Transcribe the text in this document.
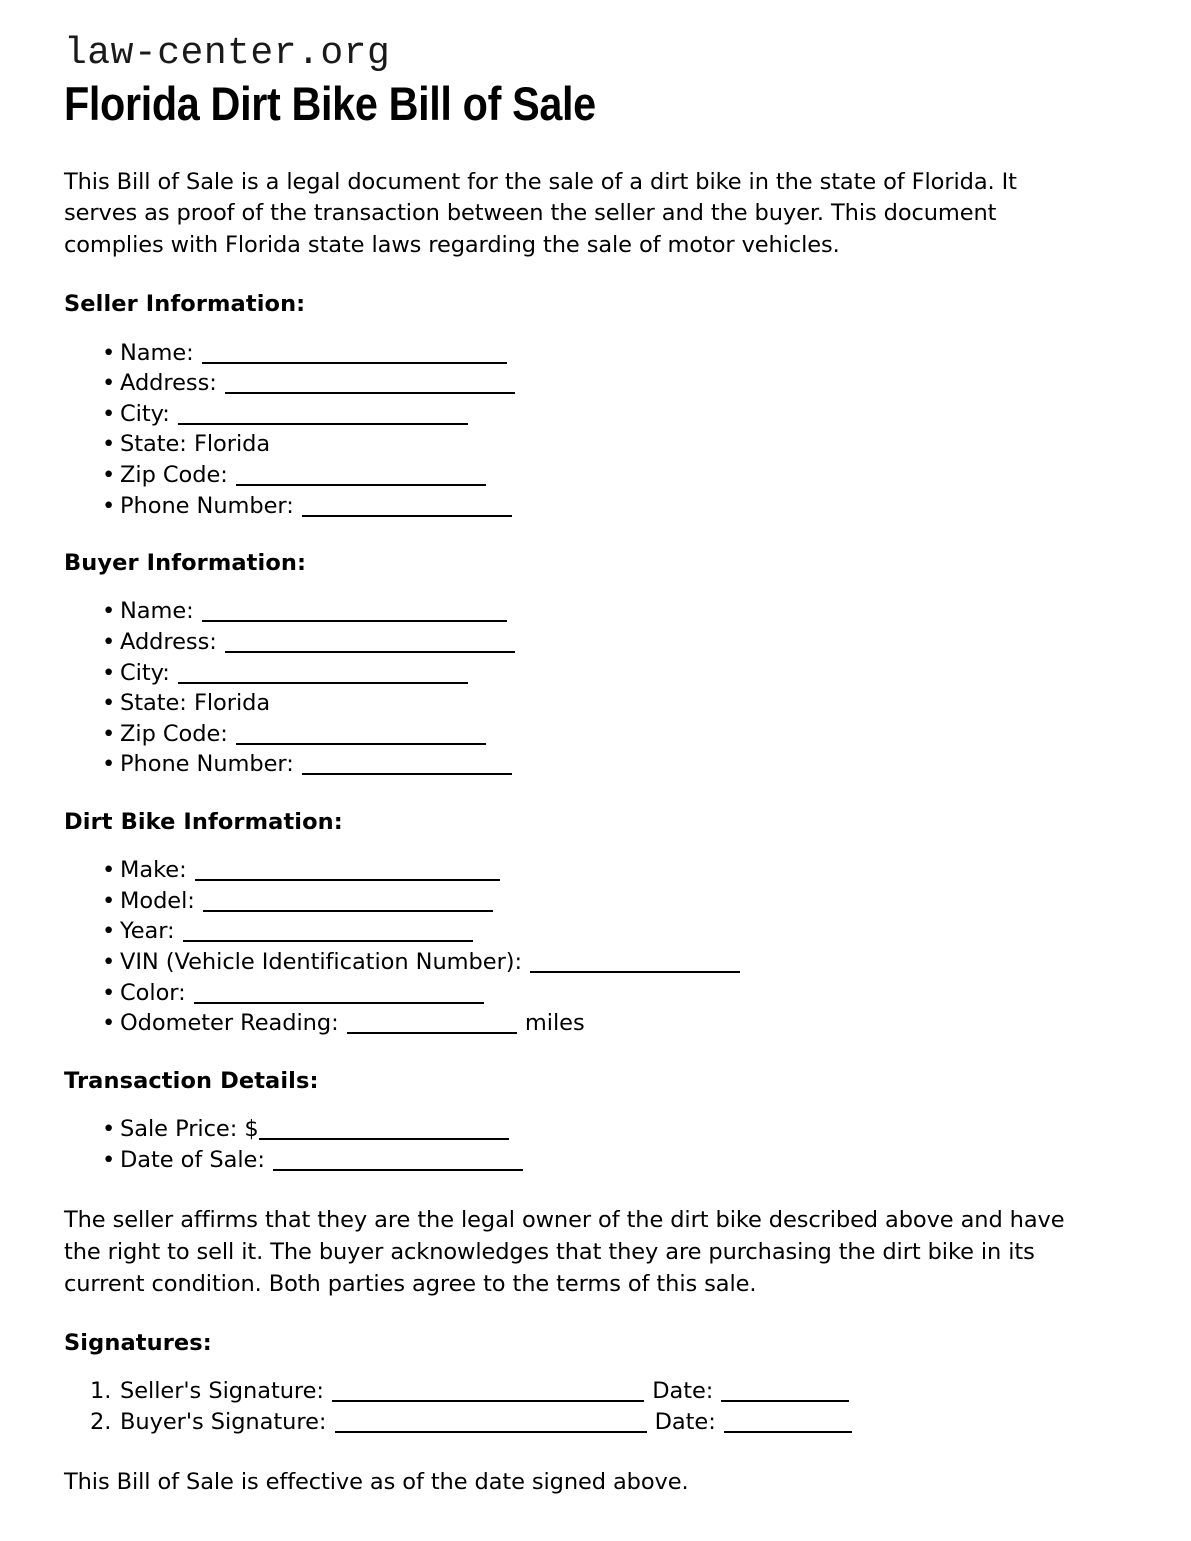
law-center.org
Florida Dirt Bike Bill of Sale

This Bill of Sale is a legal document for the sale of a dirt bike in the state of Florida. It serves as proof of the transaction between the seller and the buyer. This document complies with Florida state laws regarding the sale of motor vehicles.

Seller Information:
• Name:
• Address:
• City:
• State: Florida
• Zip Code:
• Phone Number:
Buyer Information:
• Name:
• Address:
• City:
• State: Florida
• Zip Code:
• Phone Number:
Dirt Bike Information:
• Make:
• Model:
• Year:
• VIN (Vehicle Identification Number):
• Color:
• Odometer Reading:	miles
Transaction Details:
• Sale Price: $
• Date of Sale:

The seller affirms that they are the legal owner of the dirt bike described above and have the right to sell it. The buyer acknowledges that they are purchasing the dirt bike in its current condition. Both parties agree to the terms of this sale.

Signatures:
Seller's Signature:	Date:
Buyer's Signature:	Date:

This Bill of Sale is effective as of the date signed above.
